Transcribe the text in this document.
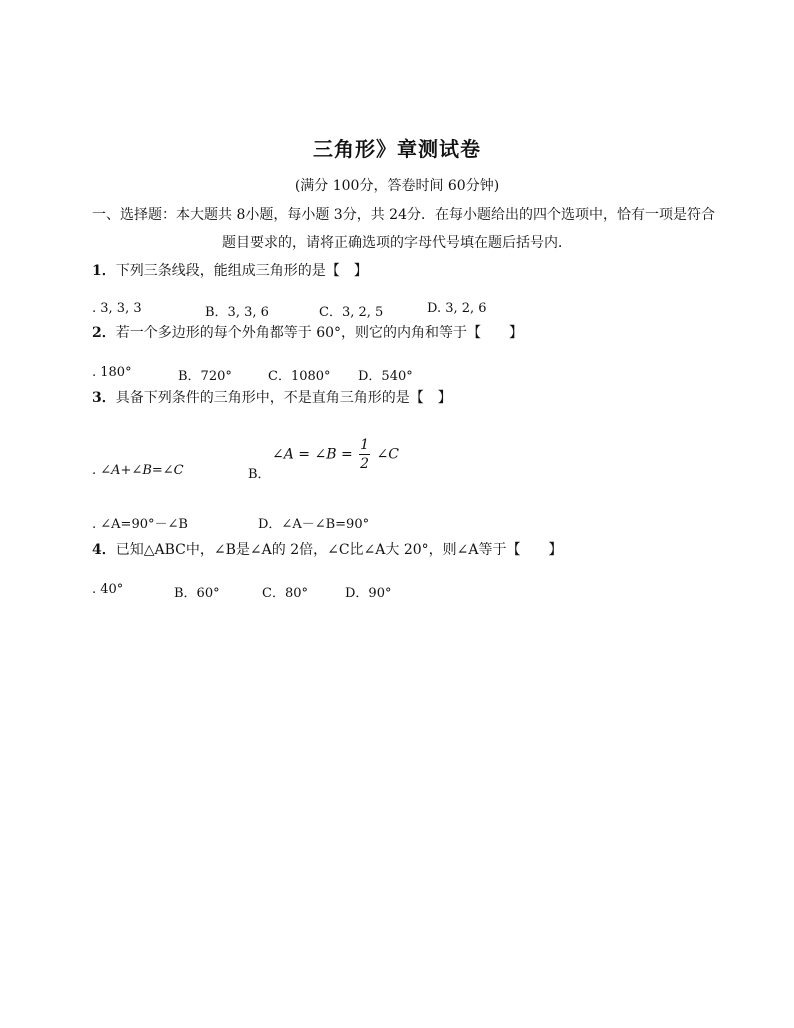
三角形》章测试卷
(满分 100分，答卷时间 60分钟)
一、选择题：本大题共 8小题，每小题 3分，共 24分．在每小题给出的四个选项中，恰有一项是符合
题目要求的，请将正确选项的字母代号填在题后括号内．
1．下列三条线段，能组成三角形的是【　】
. 3, 3, 3	B．3, 3, 6	C．3, 2, 5	D. 3, 2, 6
2．若一个多边形的每个外角都等于 60°，则它的内角和等于【　　】
. 180°	B．720°	C．1080° D．540°
3．具备下列条件的三角形中，不是直角三角形的是【　】
. ∠A+∠B=∠C	B．
∠A = ∠B = $\frac{1}{2}$ ∠C
. ∠A=90°－∠B	D．∠A－∠B=90°
4．已知△ABC中，∠B是∠A的 2倍，∠C比∠A大 20°，则∠A等于【　　】
. 40°	B．60°	C．80°	D．90°
